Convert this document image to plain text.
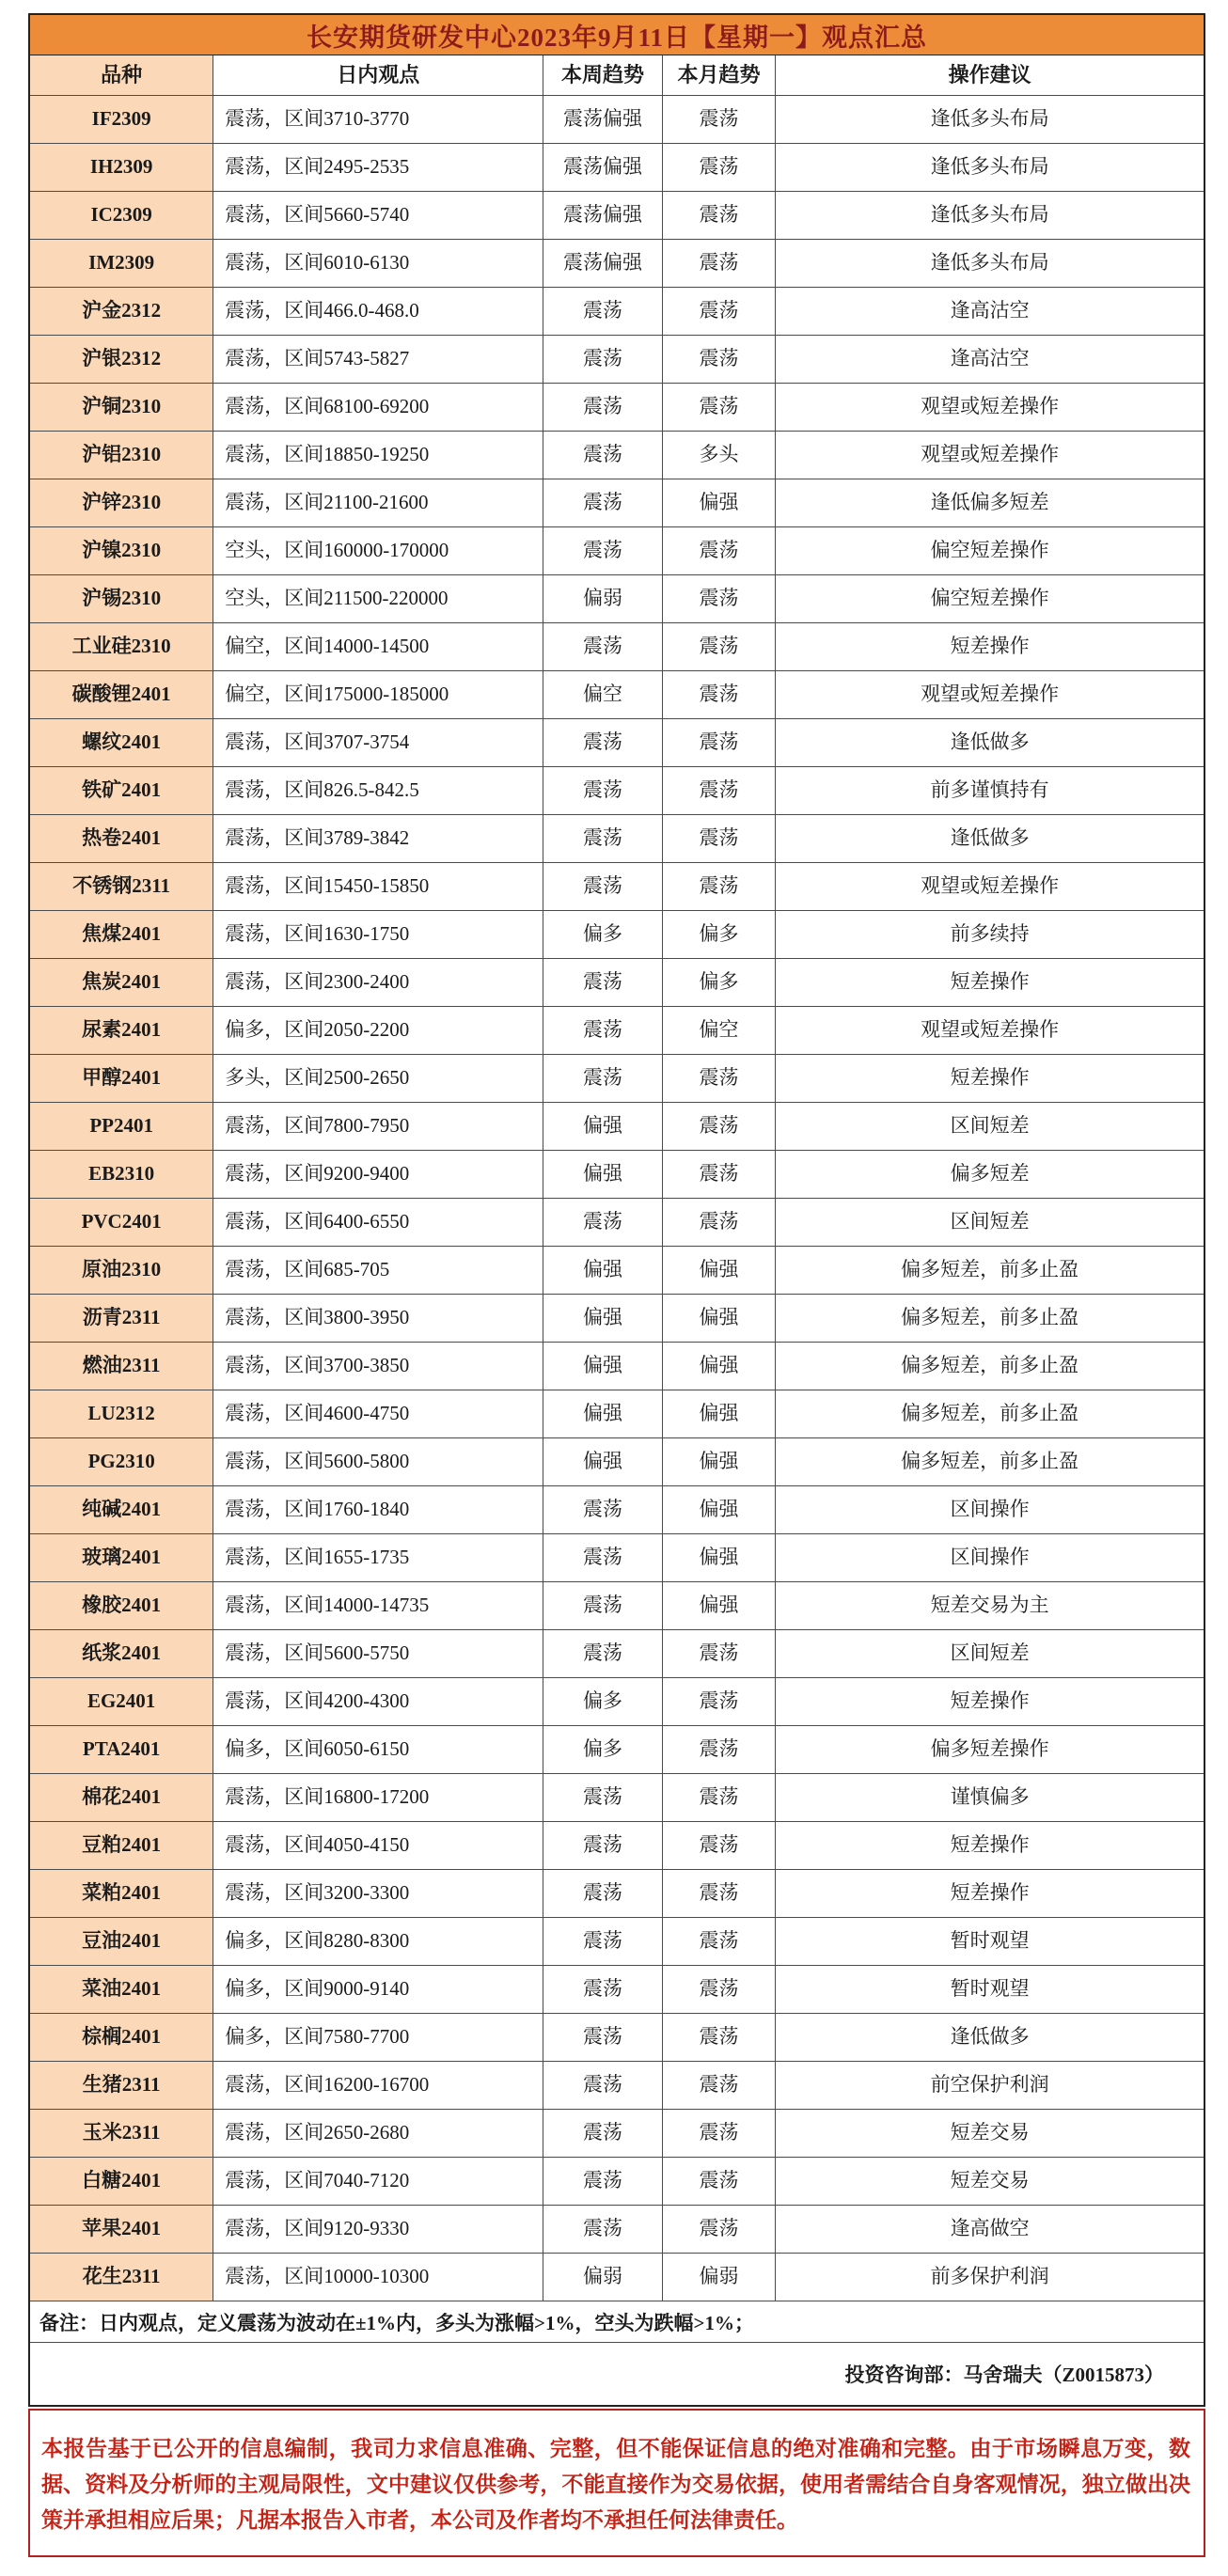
长安期货研发中心2023年9月11日【星期一】观点汇总
品种	日内观点	本周趋势	本月趋势	操作建议
IF2309	震荡，区间3710-3770	震荡偏强	震荡	逢低多头布局
IH2309	震荡，区间2495-2535	震荡偏强	震荡	逢低多头布局
IC2309	震荡，区间5660-5740	震荡偏强	震荡	逢低多头布局
IM2309	震荡，区间6010-6130	震荡偏强	震荡	逢低多头布局
沪金2312	震荡，区间466.0-468.0	震荡	震荡	逢高沽空
沪银2312	震荡，区间5743-5827	震荡	震荡	逢高沽空
沪铜2310	震荡，区间68100-69200	震荡	震荡	观望或短差操作
沪铝2310	震荡，区间18850-19250	震荡	多头	观望或短差操作
沪锌2310	震荡，区间21100-21600	震荡	偏强	逢低偏多短差
沪镍2310	空头，区间160000-170000	震荡	震荡	偏空短差操作
沪锡2310	空头，区间211500-220000	偏弱	震荡	偏空短差操作
工业硅2310	偏空，区间14000-14500	震荡	震荡	短差操作
碳酸锂2401	偏空，区间175000-185000	偏空	震荡	观望或短差操作
螺纹2401	震荡，区间3707-3754	震荡	震荡	逢低做多
铁矿2401	震荡，区间826.5-842.5	震荡	震荡	前多谨慎持有
热卷2401	震荡，区间3789-3842	震荡	震荡	逢低做多
不锈钢2311	震荡，区间15450-15850	震荡	震荡	观望或短差操作
焦煤2401	震荡，区间1630-1750	偏多	偏多	前多续持
焦炭2401	震荡，区间2300-2400	震荡	偏多	短差操作
尿素2401	偏多，区间2050-2200	震荡	偏空	观望或短差操作
甲醇2401	多头，区间2500-2650	震荡	震荡	短差操作
PP2401	震荡，区间7800-7950	偏强	震荡	区间短差
EB2310	震荡，区间9200-9400	偏强	震荡	偏多短差
PVC2401	震荡，区间6400-6550	震荡	震荡	区间短差
原油2310	震荡，区间685-705	偏强	偏强	偏多短差，前多止盈
沥青2311	震荡，区间3800-3950	偏强	偏强	偏多短差，前多止盈
燃油2311	震荡，区间3700-3850	偏强	偏强	偏多短差，前多止盈
LU2312	震荡，区间4600-4750	偏强	偏强	偏多短差，前多止盈
PG2310	震荡，区间5600-5800	偏强	偏强	偏多短差，前多止盈
纯碱2401	震荡，区间1760-1840	震荡	偏强	区间操作
玻璃2401	震荡，区间1655-1735	震荡	偏强	区间操作
橡胶2401	震荡，区间14000-14735	震荡	偏强	短差交易为主
纸浆2401	震荡，区间5600-5750	震荡	震荡	区间短差
EG2401	震荡，区间4200-4300	偏多	震荡	短差操作
PTA2401	偏多，区间6050-6150	偏多	震荡	偏多短差操作
棉花2401	震荡，区间16800-17200	震荡	震荡	谨慎偏多
豆粕2401	震荡，区间4050-4150	震荡	震荡	短差操作
菜粕2401	震荡，区间3200-3300	震荡	震荡	短差操作
豆油2401	偏多，区间8280-8300	震荡	震荡	暂时观望
菜油2401	偏多，区间9000-9140	震荡	震荡	暂时观望
棕榈2401	偏多，区间7580-7700	震荡	震荡	逢低做多
生猪2311	震荡，区间16200-16700	震荡	震荡	前空保护利润
玉米2311	震荡，区间2650-2680	震荡	震荡	短差交易
白糖2401	震荡，区间7040-7120	震荡	震荡	短差交易
苹果2401	震荡，区间9120-9330	震荡	震荡	逢高做空
花生2311	震荡，区间10000-10300	偏弱	偏弱	前多保护利润
备注：日内观点，定义震荡为波动在±1%内，多头为涨幅>1%，空头为跌幅>1%；
投资咨询部：马舍瑞夫（Z0015873）
本报告基于已公开的信息编制，我司力求信息准确、完整，但不能保证信息的绝对准确和完整。由于市场瞬息万变，数据、资料及分析师的主观局限性，文中建议仅供参考，不能直接作为交易依据，使用者需结合自身客观情况，独立做出决策并承担相应后果；凡据本报告入市者，本公司及作者均不承担任何法律责任。
